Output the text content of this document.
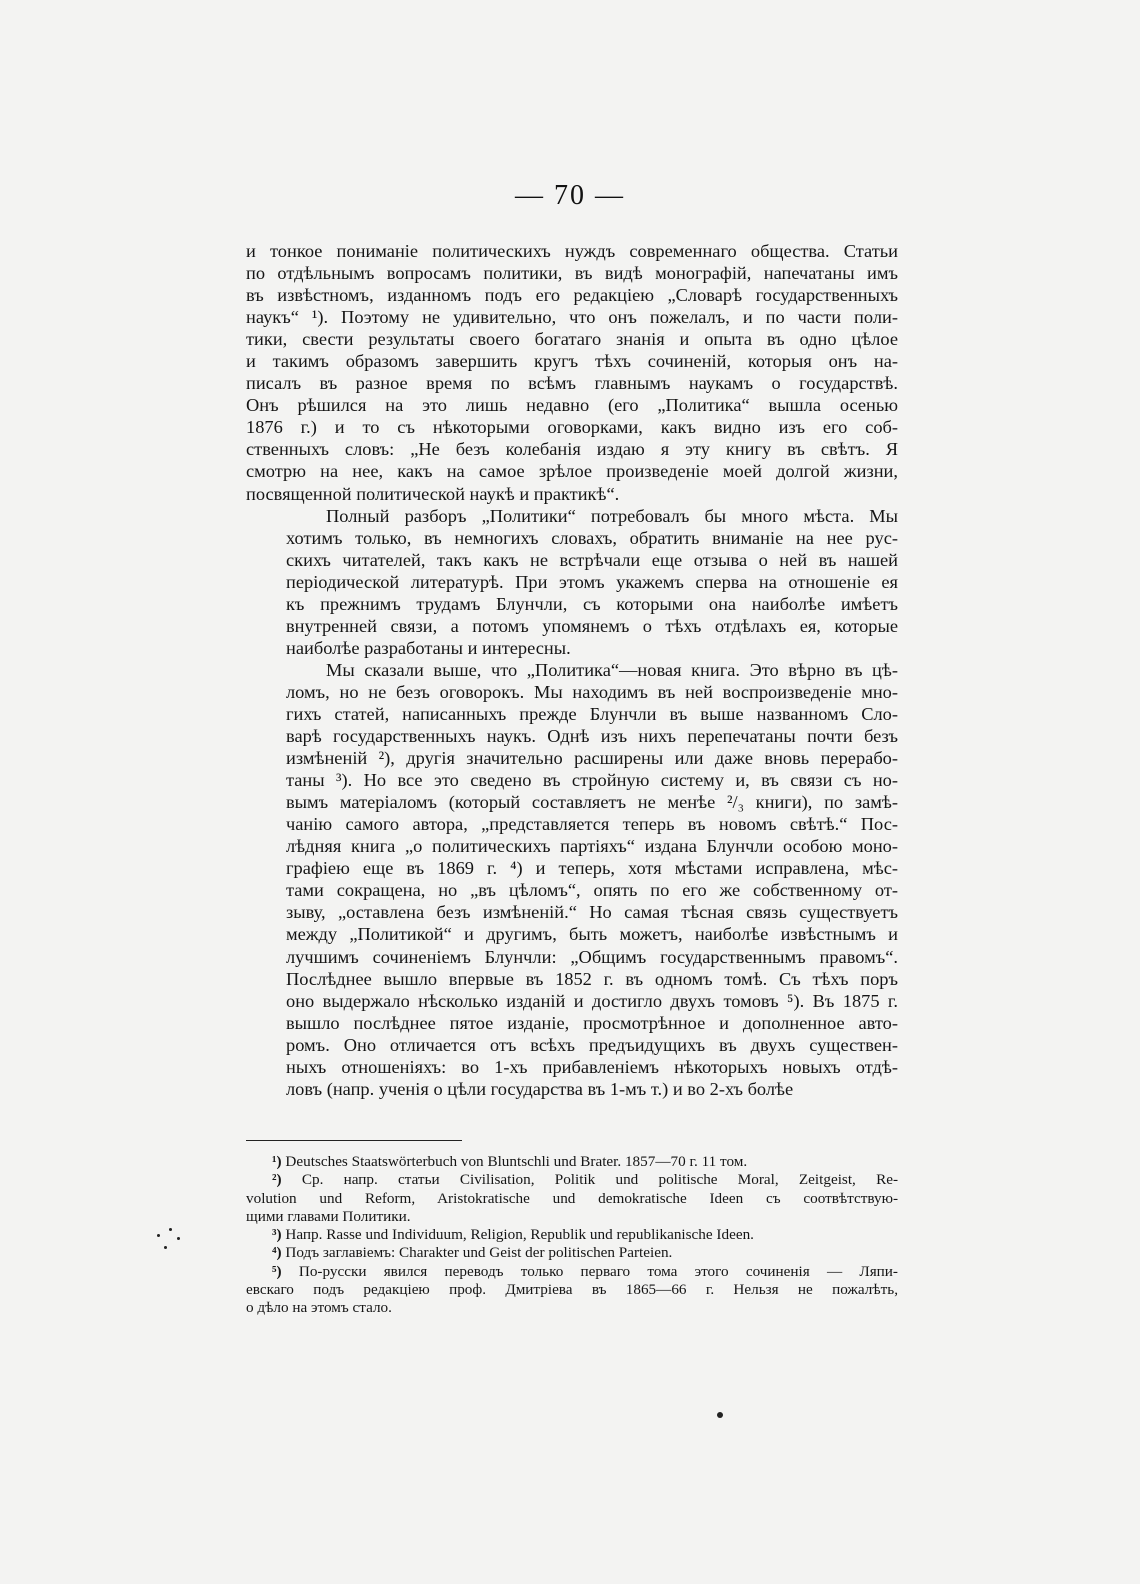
— 70 —

и тонкое пониманіе политическихъ нуждъ современнаго общества. Статьи
по отдѣльнымъ вопросамъ политики, въ видѣ монографій, напечатаны имъ
въ извѣстномъ, изданномъ подъ его редакціею „Словарѣ государственныхъ
наукъ“ ¹). Поэтому не удивительно, что онъ пожелалъ, и по части поли-
тики, свести результаты своего богатаго знанія и опыта въ одно цѣлое
и такимъ образомъ завершить кругъ тѣхъ сочиненій, которыя онъ на-
писалъ въ разное время по всѣмъ главнымъ наукамъ о государствѣ.
Онъ рѣшился на это лишь недавно (его „Политика“ вышла осенью
1876 г.) и то съ нѣкоторыми оговорками, какъ видно изъ его соб-
ственныхъ словъ: „Не безъ колебанія издаю я эту книгу въ свѣтъ. Я
смотрю на нее, какъ на самое зрѣлое произведеніе моей долгой жизни,
посвященной политической наукѣ и практикѣ“.

Полный разборъ „Политики“ потребовалъ бы много мѣста. Мы
хотимъ только, въ немногихъ словахъ, обратить вниманіе на нее рус-
скихъ читателей, такъ какъ не встрѣчали еще отзыва о ней въ нашей
періодической литературѣ. При этомъ укажемъ сперва на отношеніе ея
къ прежнимъ трудамъ Блунчли, съ которыми она наиболѣе имѣетъ
внутренней связи, а потомъ упомянемъ о тѣхъ отдѣлахъ ея, которые
наиболѣе разработаны и интересны.

Мы сказали выше, что „Политика“—новая книга. Это вѣрно въ цѣ-
ломъ, но не безъ оговорокъ. Мы находимъ въ ней воспроизведеніе мно-
гихъ статей, написанныхъ прежде Блунчли въ выше названномъ Сло-
варѣ государственныхъ наукъ. Однѣ изъ нихъ перепечатаны почти безъ
измѣненій ²), другія значительно расширены или даже вновь перерабо-
таны ³). Но все это сведено въ стройную систему и, въ связи съ но-
вымъ матеріаломъ (который составляетъ не менѣе ²/₃ книги), по замѣ-
чанію самого автора, „представляется теперь въ новомъ свѣтѣ.“ Пос-
лѣдняя книга „о политическихъ партіяхъ“ издана Блунчли особою моно-
графіею еще въ 1869 г. ⁴) и теперь, хотя мѣстами исправлена, мѣс-
тами сокращена, но „въ цѣломъ“, опять по его же собственному от-
зыву, „оставлена безъ измѣненій.“ Но самая тѣсная связь существуетъ
между „Политикой“ и другимъ, быть можетъ, наиболѣе извѣстнымъ и
лучшимъ сочиненіемъ Блунчли: „Общимъ государственнымъ правомъ“.
Послѣднее вышло впервые въ 1852 г. въ одномъ томѣ. Съ тѣхъ поръ
оно выдержало нѣсколько изданій и достигло двухъ томовъ ⁵). Въ 1875 г.
вышло послѣднее пятое изданіе, просмотрѣнное и дополненное авто-
ромъ. Оно отличается отъ всѣхъ предъидущихъ въ двухъ существен-
ныхъ отношеніяхъ: во 1-хъ прибавленіемъ нѣкоторыхъ новыхъ отдѣ-
ловъ (напр. ученія о цѣли государства въ 1-мъ т.) и во 2-хъ болѣе

¹) Deutsches Staatswörterbuch von Bluntschli und Brater. 1857—70 г. 11 том.
²) Ср. напр. статьи Civilisation, Politik und politische Moral, Zeitgeist, Re-
volution und Reform, Aristokratische und demokratische Ideen съ соотвѣтствую-
щими главами Политики.
³) Напр. Rasse und Individuum, Religion, Republik und republikanische Ideen.
⁴) Подъ заглавіемъ: Charakter und Geist der politischen Parteien.
⁵) По-русски явился переводъ только перваго тома этого сочиненія — Ляпи-
евскаго подъ редакціею проф. Дмитріева въ 1865—66 г. Нельзя не пожалѣть,
о дѣло на этомъ стало.
